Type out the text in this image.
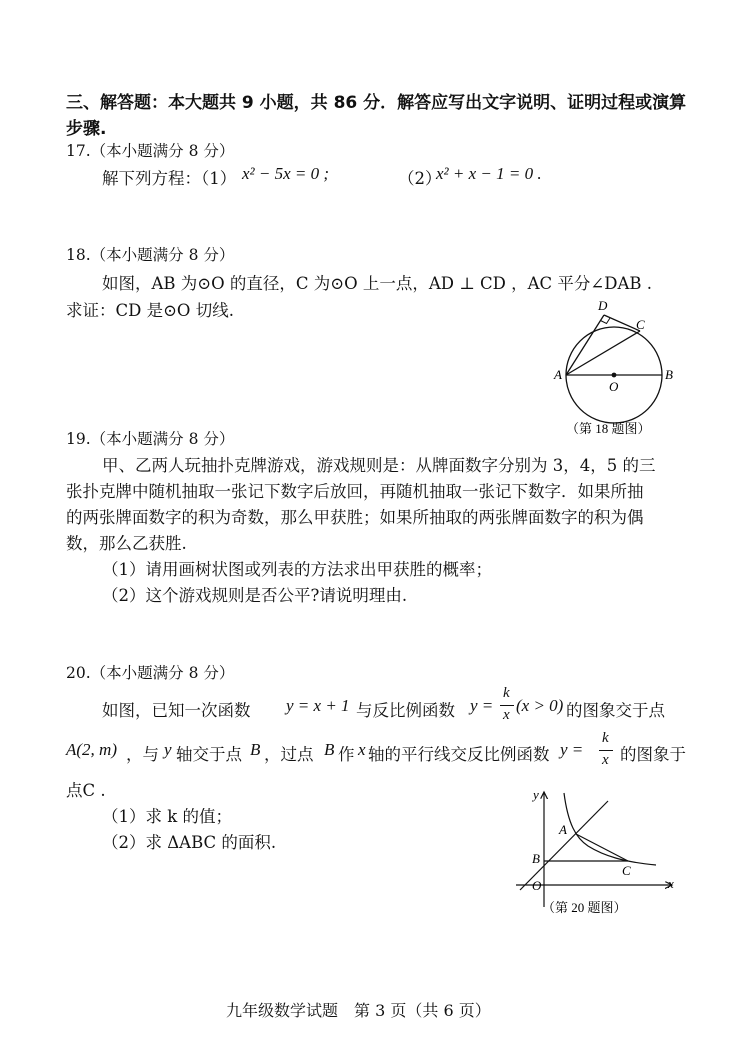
三、解答题：本大题共 9 小题，共 86 分．解答应写出文字说明、证明过程或演算
步骤.
17.（本小题满分 8 分）
解下列方程：（1） x² − 5x = 0 ;	（2）
x² + x − 1 = 0 .
18.（本小题满分 8 分）
如图，AB 为⊙O 的直径，C 为⊙O 上一点，AD ⊥ CD ，AC 平分∠DAB .
求证：CD 是⊙O 切线.	D
C
A	B
O
（第 18 题图）
19.（本小题满分 8 分）
甲、乙两人玩抽扑克牌游戏，游戏规则是：从牌面数字分别为 3，4，5 的三
张扑克牌中随机抽取一张记下数字后放回，再随机抽取一张记下数字．如果所抽
的两张牌面数字的积为奇数，那么甲获胜；如果所抽取的两张牌面数字的积为偶
数，那么乙获胜.
（1）请用画树状图或列表的方法求出甲获胜的概率；
（2）这个游戏规则是否公平?请说明理由.
20.（本小题满分 8 分）
如图，已知一次函数 y = x + 1 与反比例函数 y =
k
x (x > 0) 的图象交于点
A(2, m) ，与 y 轴交于点 B ，过点 B 作 x 轴的平行线交反比例函数 y =
k
x 的图象于
点C .
（1）求 k 的值；
（2）求 ΔABC 的面积.
y
x
A
B
C
O
（第 20 题图）
九年级数学试题　第 3 页（共 6 页）
